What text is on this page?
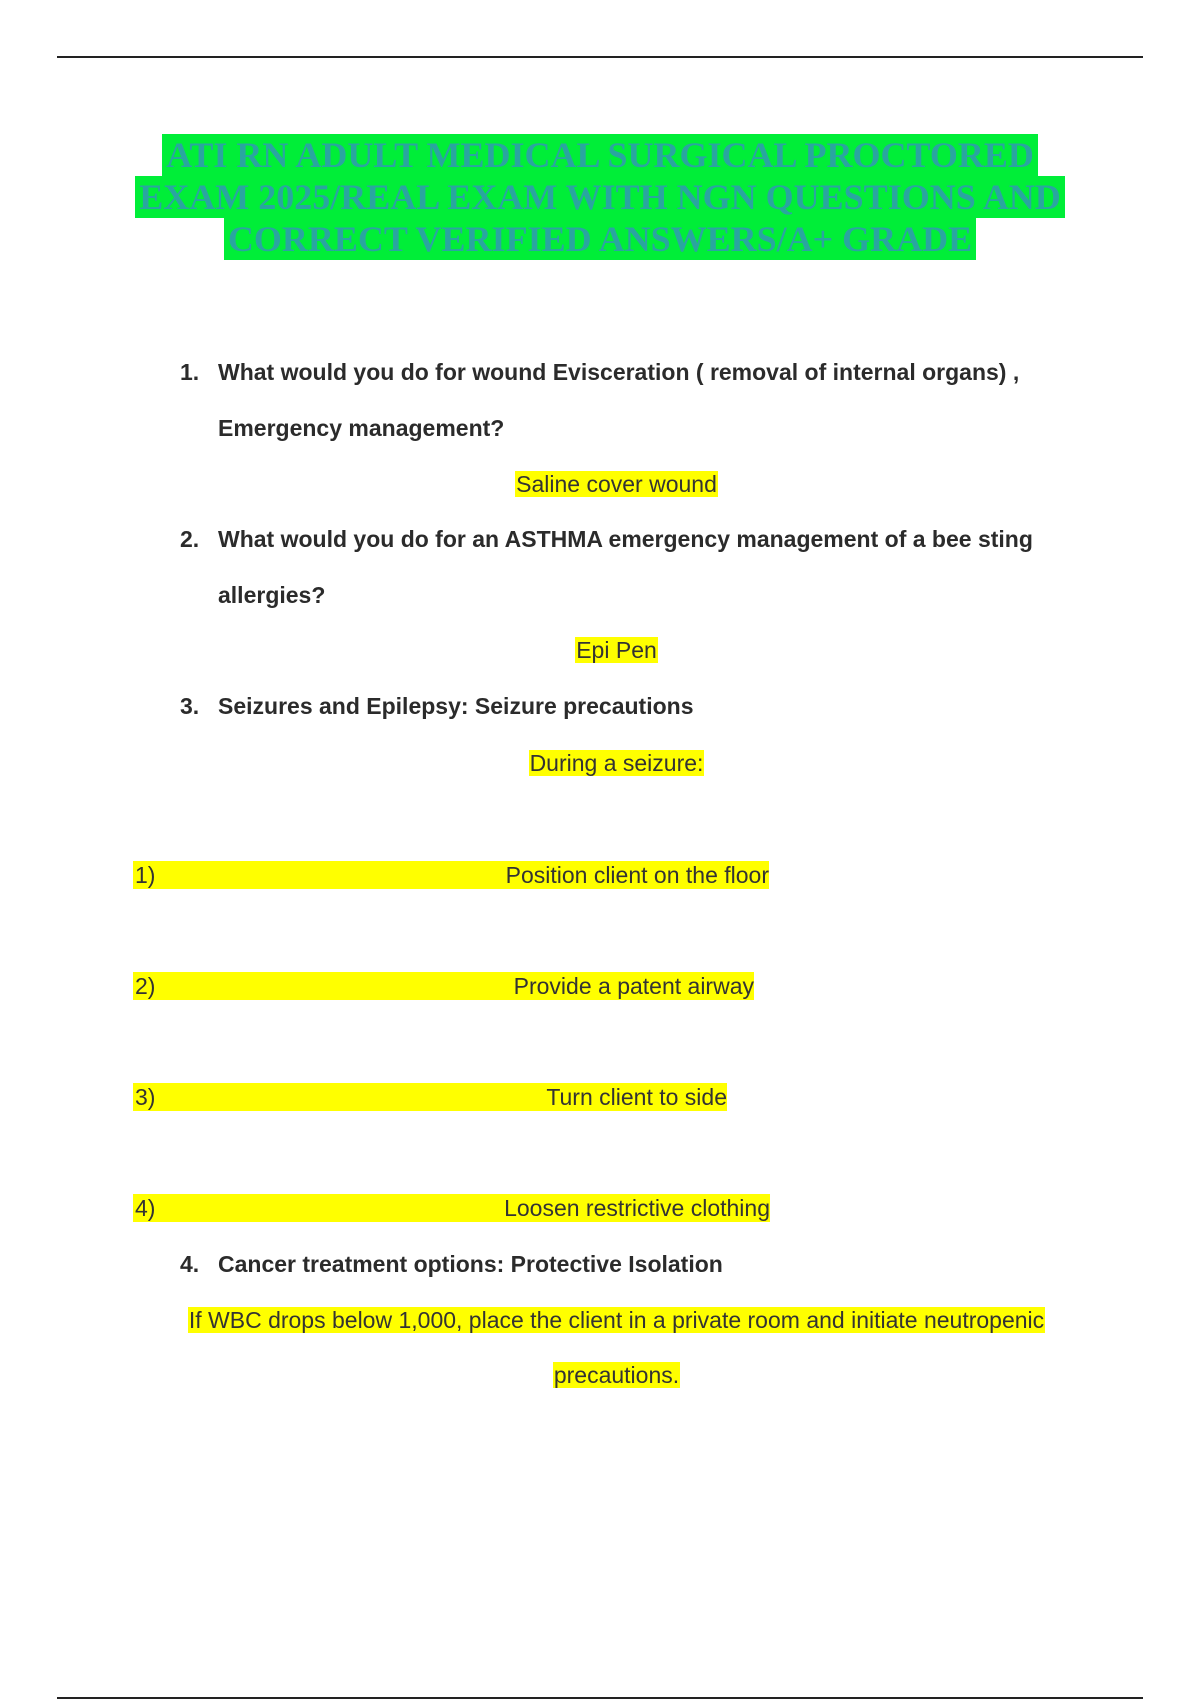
ATI RN ADULT MEDICAL SURGICAL PROCTORED
EXAM 2025/REAL EXAM WITH NGN QUESTIONS AND
CORRECT VERIFIED ANSWERS/A+ GRADE
1. What would you do for wound Evisceration ( removal of internal organs) ,
Emergency management?
Saline cover wound
2. What would you do for an ASTHMA emergency management of a bee sting
allergies?
Epi Pen
3. Seizures and Epilepsy: Seizure precautions
During a seizure:
1)	Position client on the floor
2)	Provide a patent airway
3)	Turn client to side
4)	Loosen restrictive clothing
4. Cancer treatment options: Protective Isolation
If WBC drops below 1,000, place the client in a private room and initiate neutropenic
precautions.
